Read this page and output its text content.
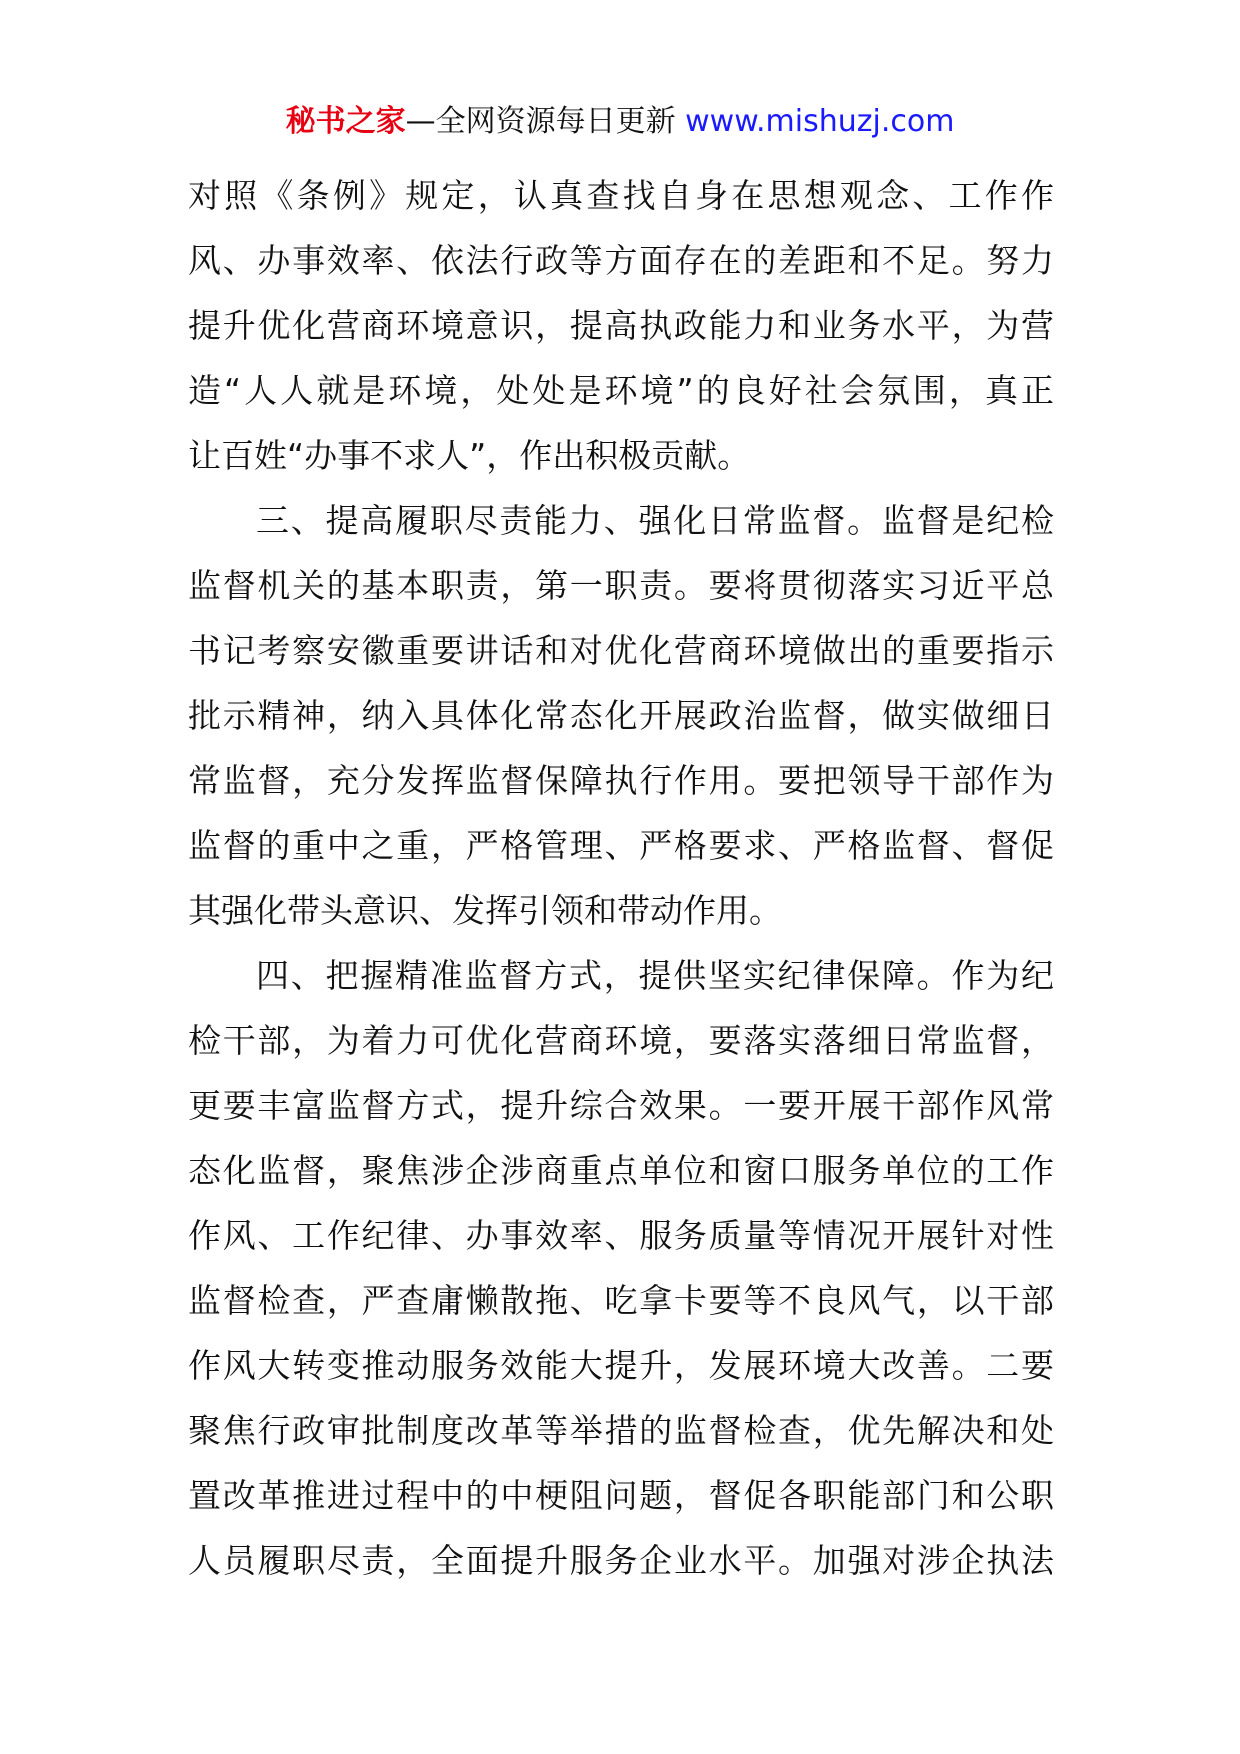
秘书之家—全网资源每日更新 www.mishuzj.com
对照《条例》规定，认真查找自身在思想观念、工作作
风、办事效率、依法行政等方面存在的差距和不足。努力
提升优化营商环境意识，提高执政能力和业务水平，为营
造“人人就是环境，处处是环境”的良好社会氛围，真正
让百姓“办事不求人”，作出积极贡献。
三、提高履职尽责能力、强化日常监督。监督是纪检
监督机关的基本职责，第一职责。要将贯彻落实习近平总
书记考察安徽重要讲话和对优化营商环境做出的重要指示
批示精神，纳入具体化常态化开展政治监督，做实做细日
常监督，充分发挥监督保障执行作用。要把领导干部作为
监督的重中之重，严格管理、严格要求、严格监督、督促
其强化带头意识、发挥引领和带动作用。
四、把握精准监督方式，提供坚实纪律保障。作为纪
检干部，为着力可优化营商环境，要落实落细日常监督，
更要丰富监督方式，提升综合效果。一要开展干部作风常
态化监督，聚焦涉企涉商重点单位和窗口服务单位的工作
作风、工作纪律、办事效率、服务质量等情况开展针对性
监督检查，严查庸懒散拖、吃拿卡要等不良风气，以干部
作风大转变推动服务效能大提升，发展环境大改善。二要
聚焦行政审批制度改革等举措的监督检查，优先解决和处
置改革推进过程中的中梗阻问题，督促各职能部门和公职
人员履职尽责，全面提升服务企业水平。加强对涉企执法
